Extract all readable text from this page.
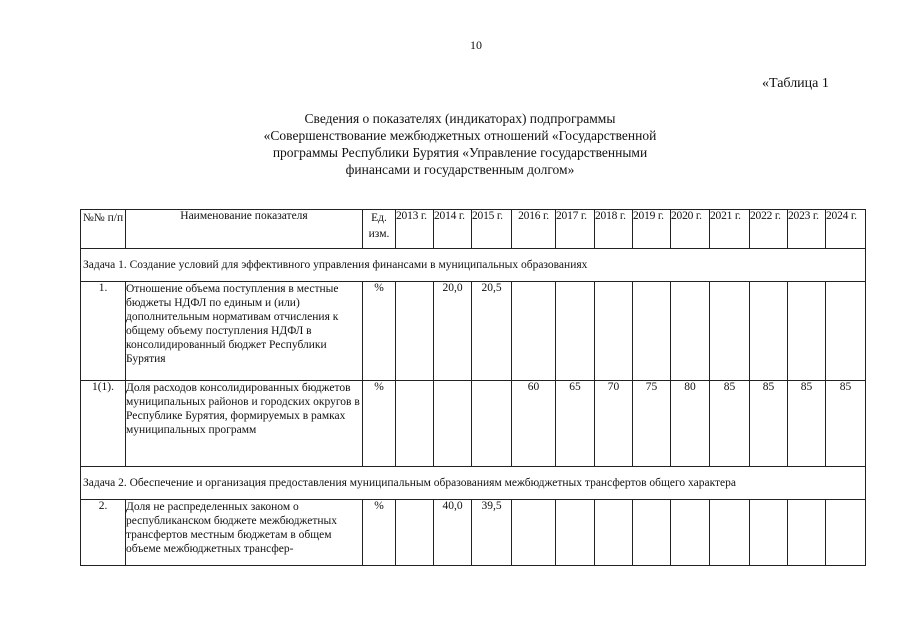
10
«Таблица 1
Сведения о показателях (индикаторах) подпрограммы
«Совершенствование межбюджетных отношений «Государственной
программы Республики Бурятия «Управление государственными
финансами и государственным долгом»
№№ п/п	Наименование показателя	Ед. изм.	2013 г.	2014 г.	2015 г.	2016 г.	2017 г.	2018 г.	2019 г.	2020 г.	2021 г.	2022 г.	2023 г.	2024 г.
Задача 1. Создание условий для эффективного управления финансами в муниципальных образованиях														
1.	Отношение объема поступления в местные бюджеты НДФЛ по единым и (или) дополнительным нормативам отчисления к общему объему поступления НДФЛ в консолидированный бюджет Республики Бурятия	%		20,0	20,5									
1(1).	Доля расходов консолидированных бюджетов муниципальных районов и городских округов в Республике Бурятия, формируемых в рамках муниципальных программ	%				60	65	70	75	80	85	85	85	85
Задача 2. Обеспечение и организация предоставления муниципальным образованиям межбюджетных трансфертов общего характера														
2.	Доля не распределенных законом о республиканском бюджете межбюджетных трансфертов местным бюджетам в общем объеме межбюджетных трансфер-	%		40,0	39,5									
